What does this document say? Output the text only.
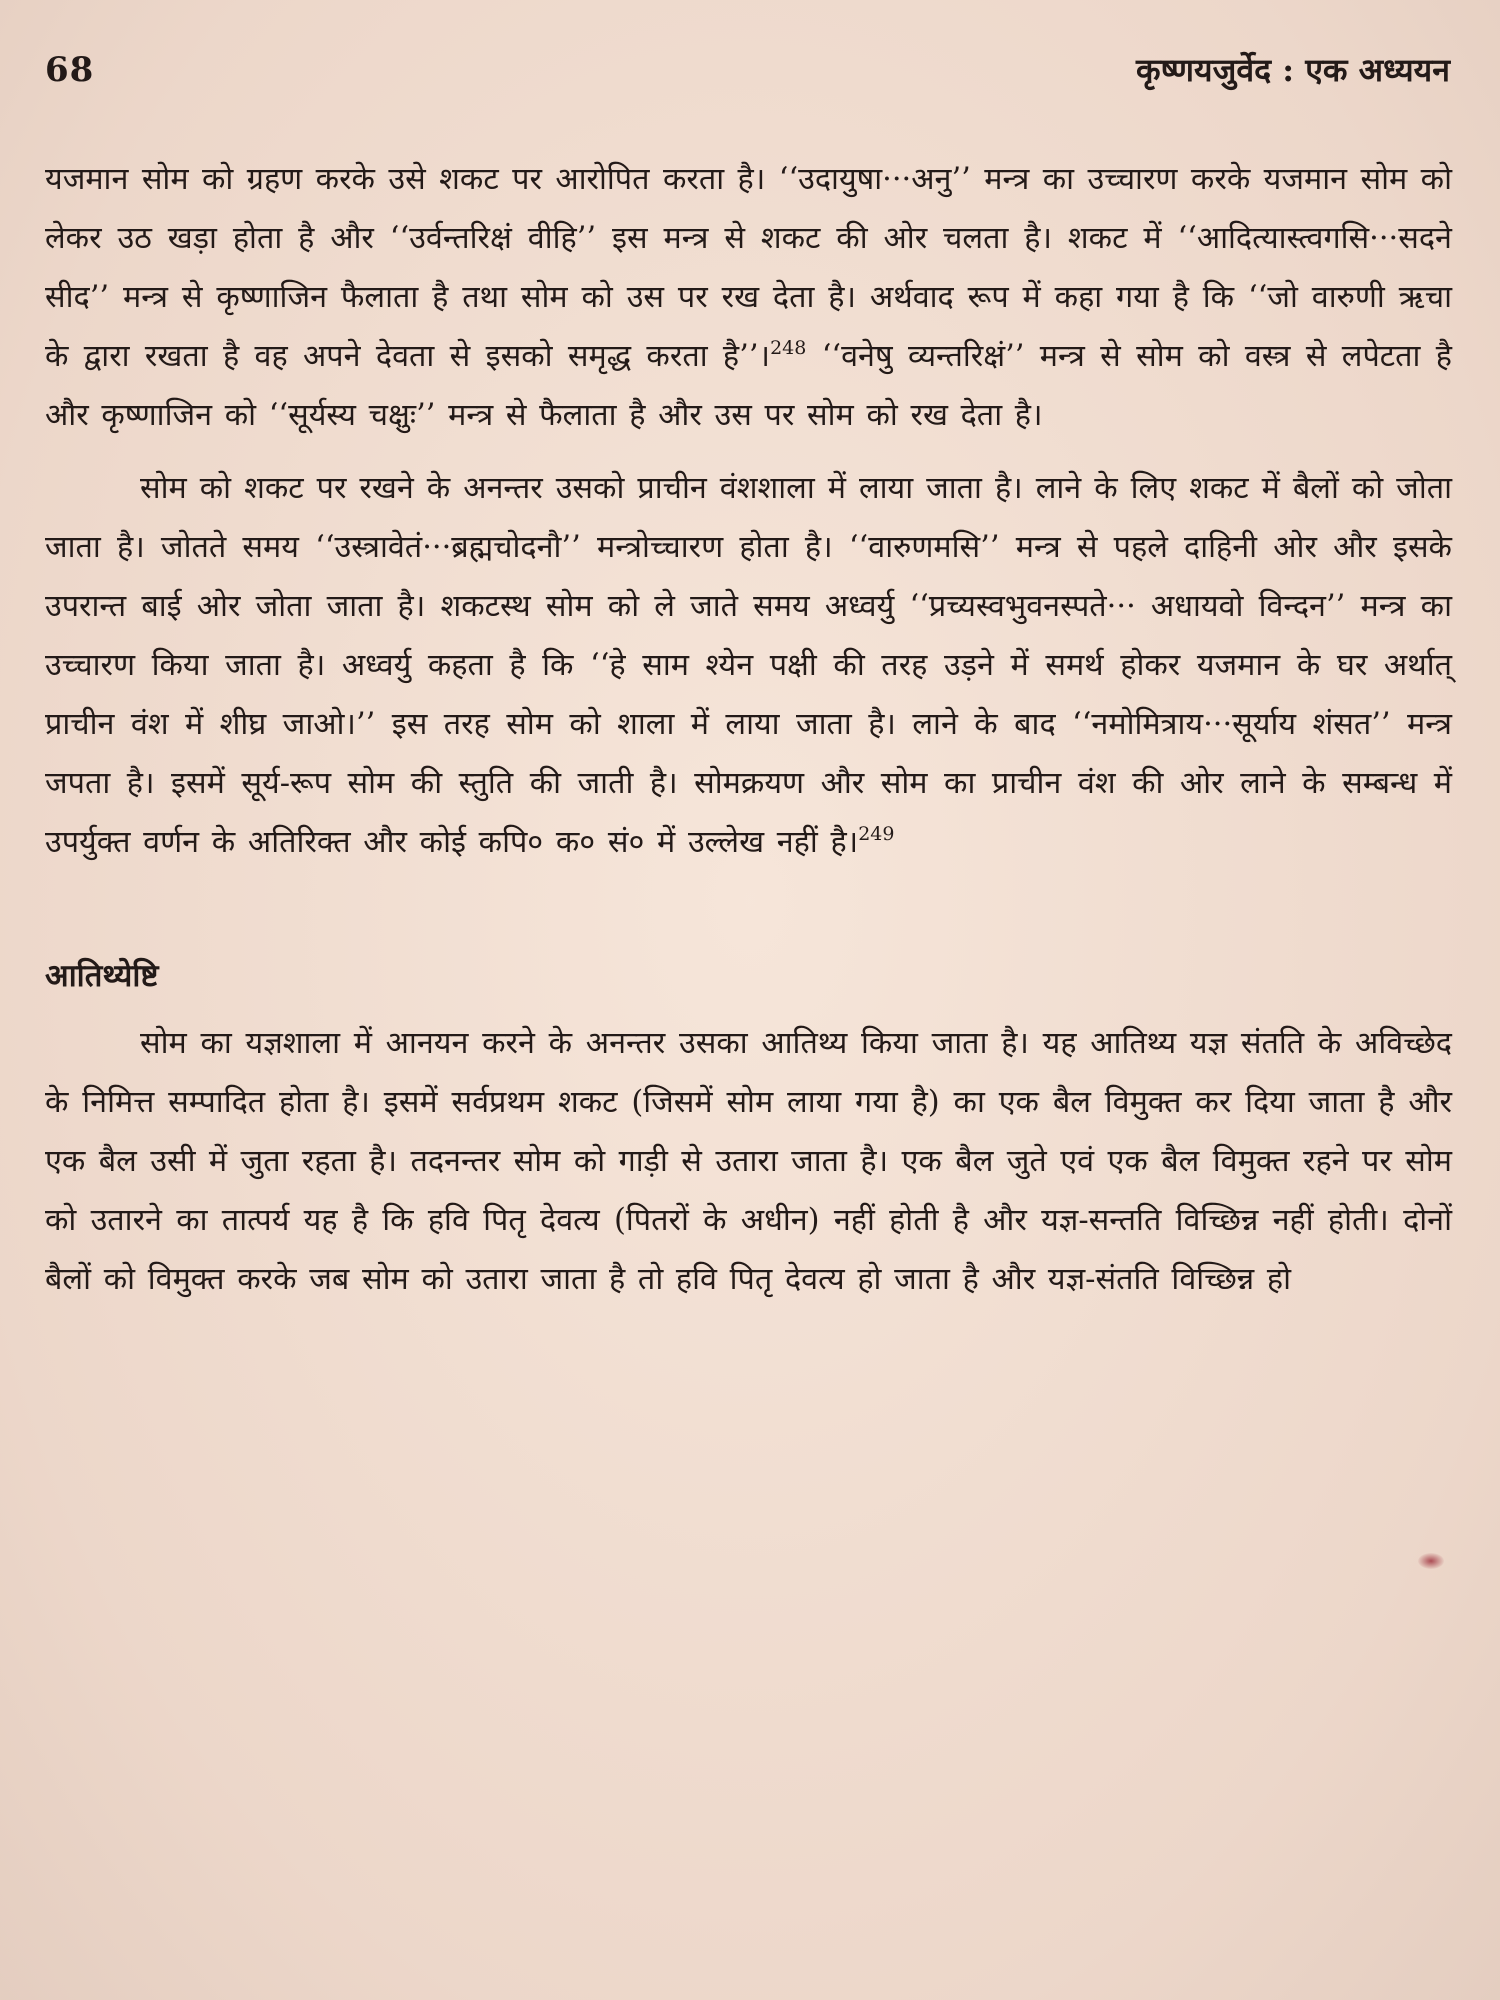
68	कृष्णयजुर्वेद : एक अध्ययन

यजमान सोम को ग्रहण करके उसे शकट पर आरोपित करता है। ‘‘उदायुषा···अनु’’ मन्त्र का उच्चारण करके यजमान सोम को लेकर उठ खड़ा होता है और ‘‘उर्वन्तरिक्षं वीहि’’ इस मन्त्र से शकट की ओर चलता है। शकट में ‘‘आदित्यास्त्वगसि···सदने सीद’’ मन्त्र से कृष्णाजिन फैलाता है तथा सोम को उस पर रख देता है। अर्थवाद रूप में कहा गया है कि ‘‘जो वारुणी ऋचा के द्वारा रखता है वह अपने देवता से इसको समृद्ध करता है’’।$^{248}$ ‘‘वनेषु व्यन्तरिक्षं’’ मन्त्र से सोम को वस्त्र से लपेटता है और कृष्णाजिन को ‘‘सूर्यस्य चक्षुः’’ मन्त्र से फैलाता है और उस पर सोम को रख देता है।

सोम को शकट पर रखने के अनन्तर उसको प्राचीन वंशशाला में लाया जाता है। लाने के लिए शकट में बैलों को जोता जाता है। जोतते समय ‘‘उस्त्रावेतं···ब्रह्मचोदनौ’’ मन्त्रोच्चारण होता है। ‘‘वारुणमसि’’ मन्त्र से पहले दाहिनी ओर और इसके उपरान्त बाई ओर जोता जाता है। शकटस्थ सोम को ले जाते समय अध्वर्यु ‘‘प्रच्यस्वभुवनस्पते··· अधायवो विन्दन’’ मन्त्र का उच्चारण किया जाता है। अध्वर्यु कहता है कि ‘‘हे साम श्येन पक्षी की तरह उड़ने में समर्थ होकर यजमान के घर अर्थात् प्राचीन वंश में शीघ्र जाओ।’’ इस तरह सोम को शाला में लाया जाता है। लाने के बाद ‘‘नमोमित्राय···सूर्याय शंसत’’ मन्त्र जपता है। इसमें सूर्य-रूप सोम की स्तुति की जाती है। सोमक्रयण और सोम का प्राचीन वंश की ओर लाने के सम्बन्ध में उपर्युक्त वर्णन के अतिरिक्त और कोई कपि० क० सं० में उल्लेख नहीं है।$^{249}$

आतिथ्येष्टि

सोम का यज्ञशाला में आनयन करने के अनन्तर उसका आतिथ्य किया जाता है। यह आतिथ्य यज्ञ संतति के अविच्छेद के निमित्त सम्पादित होता है। इसमें सर्वप्रथम शकट (जिसमें सोम लाया गया है) का एक बैल विमुक्त कर दिया जाता है और एक बैल उसी में जुता रहता है। तदनन्तर सोम को गाड़ी से उतारा जाता है। एक बैल जुते एवं एक बैल विमुक्त रहने पर सोम को उतारने का तात्पर्य यह है कि हवि पितृ देवत्य (पितरों के अधीन) नहीं होती है और यज्ञ-सन्तति विच्छिन्न नहीं होती। दोनों बैलों को विमुक्त करके जब सोम को उतारा जाता है तो हवि पितृ देवत्य हो जाता है और यज्ञ-संतति विच्छिन्न हो
